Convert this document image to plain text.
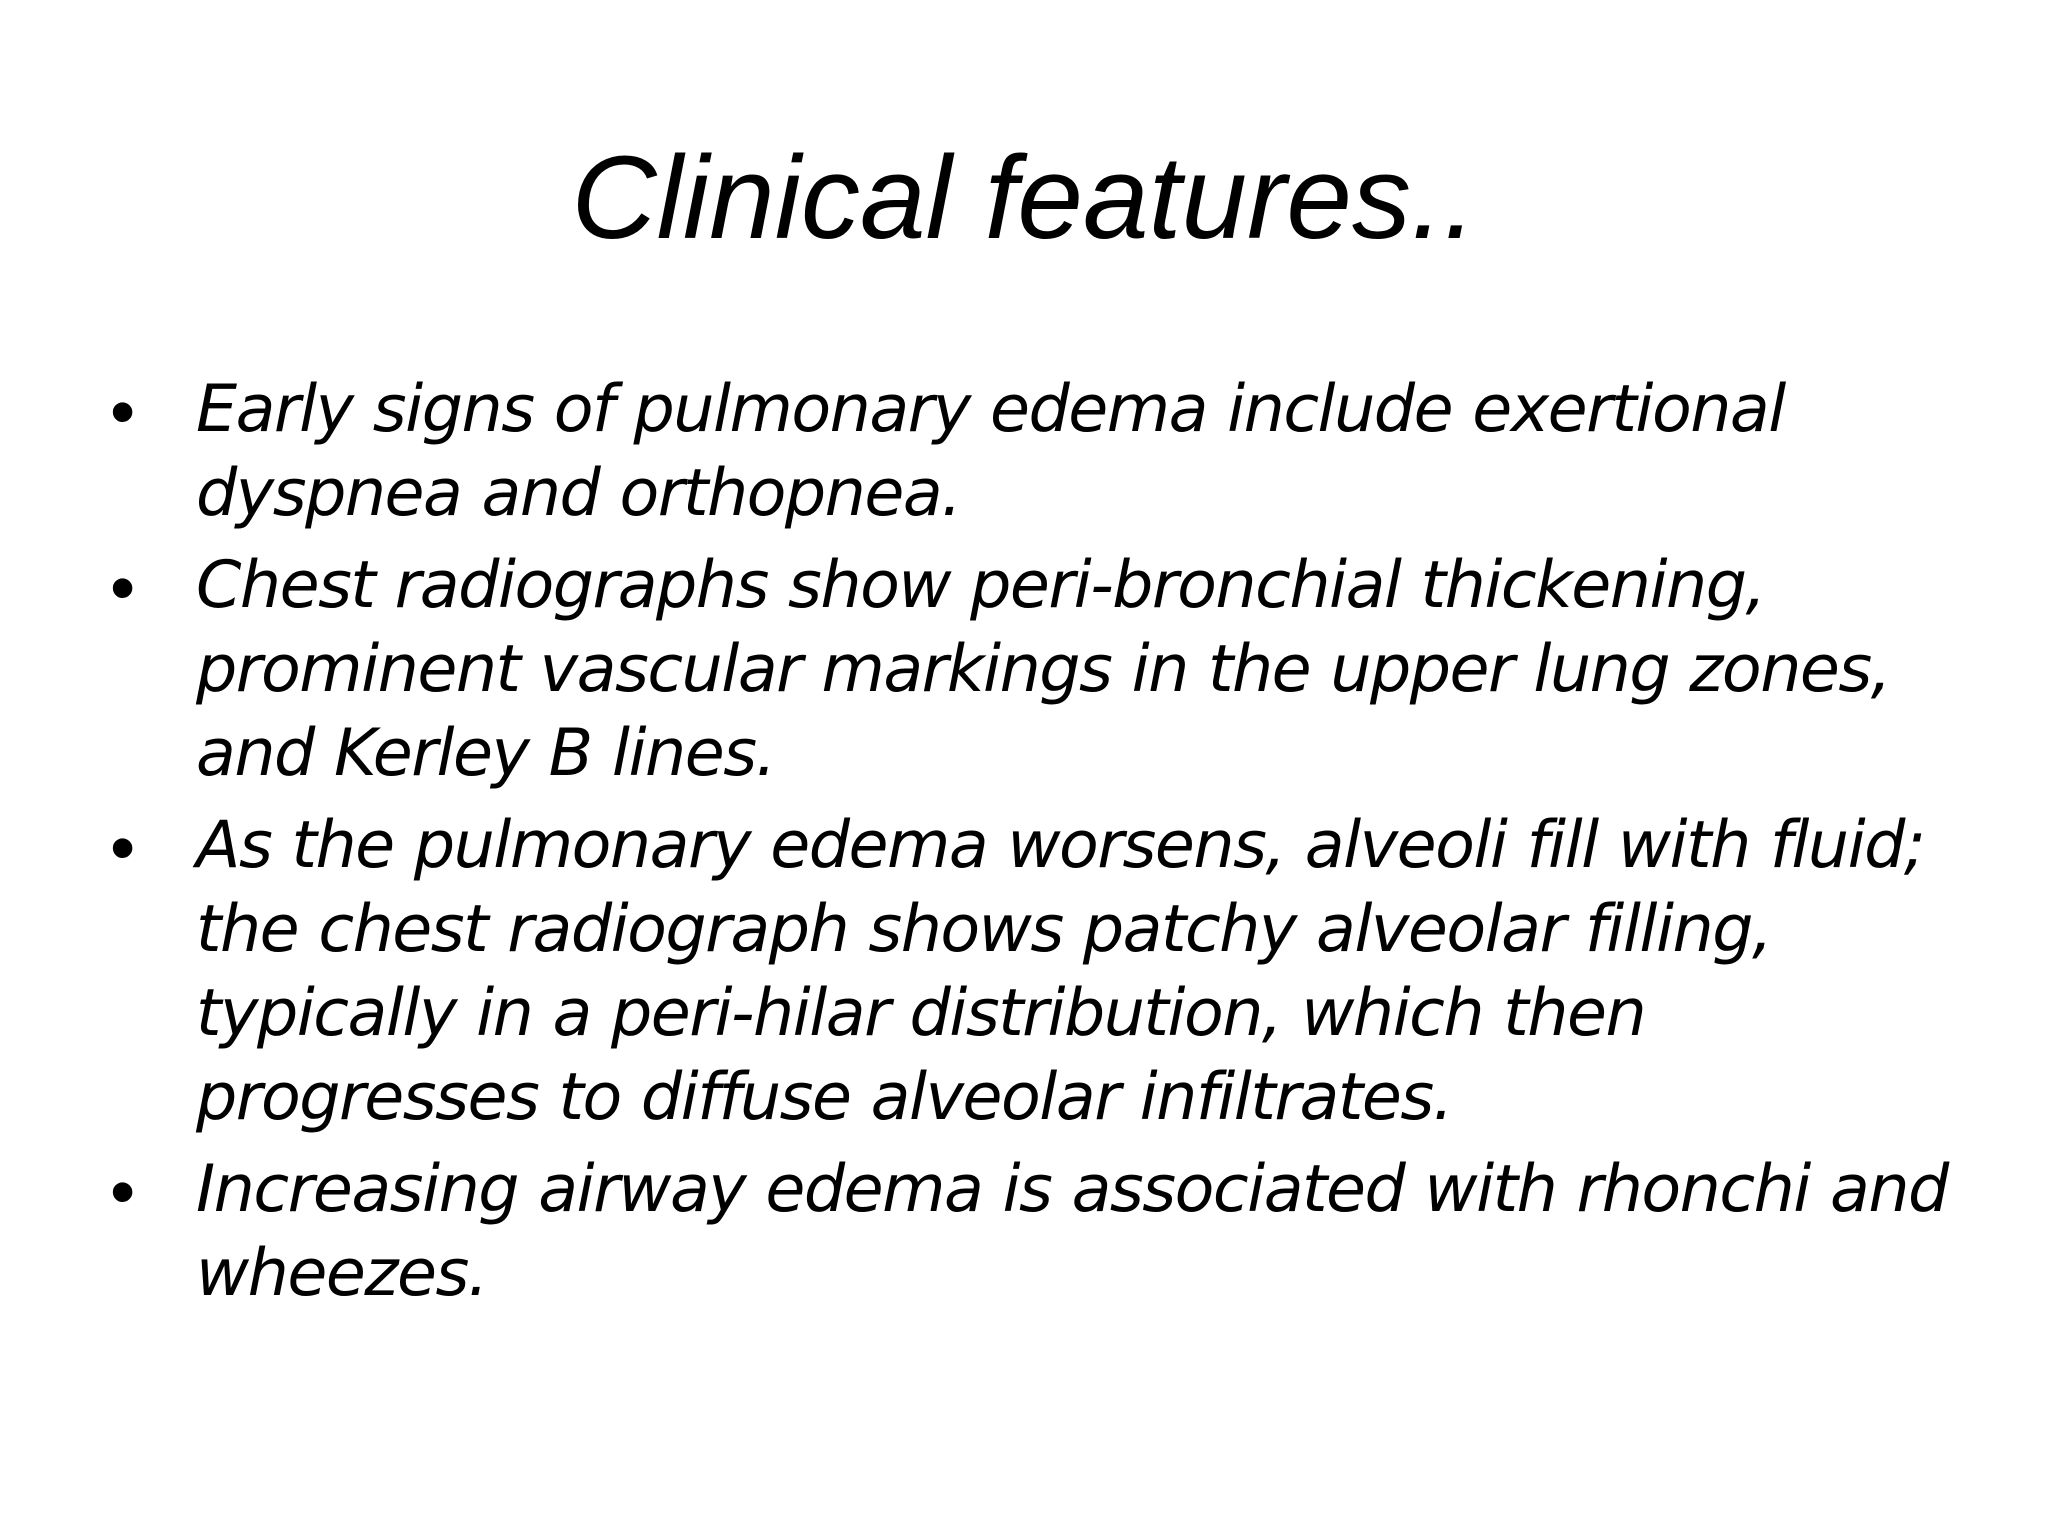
Clinical features..
• Early signs of pulmonary edema include exertional dyspnea and orthopnea.
• Chest radiographs show peri-bronchial thickening, prominent vascular markings in the upper lung zones, and Kerley B lines.
• As the pulmonary edema worsens, alveoli fill with fluid; the chest radiograph shows patchy alveolar filling, typically in a peri-hilar distribution, which then progresses to diffuse alveolar infiltrates.
• Increasing airway edema is associated with rhonchi and wheezes.
